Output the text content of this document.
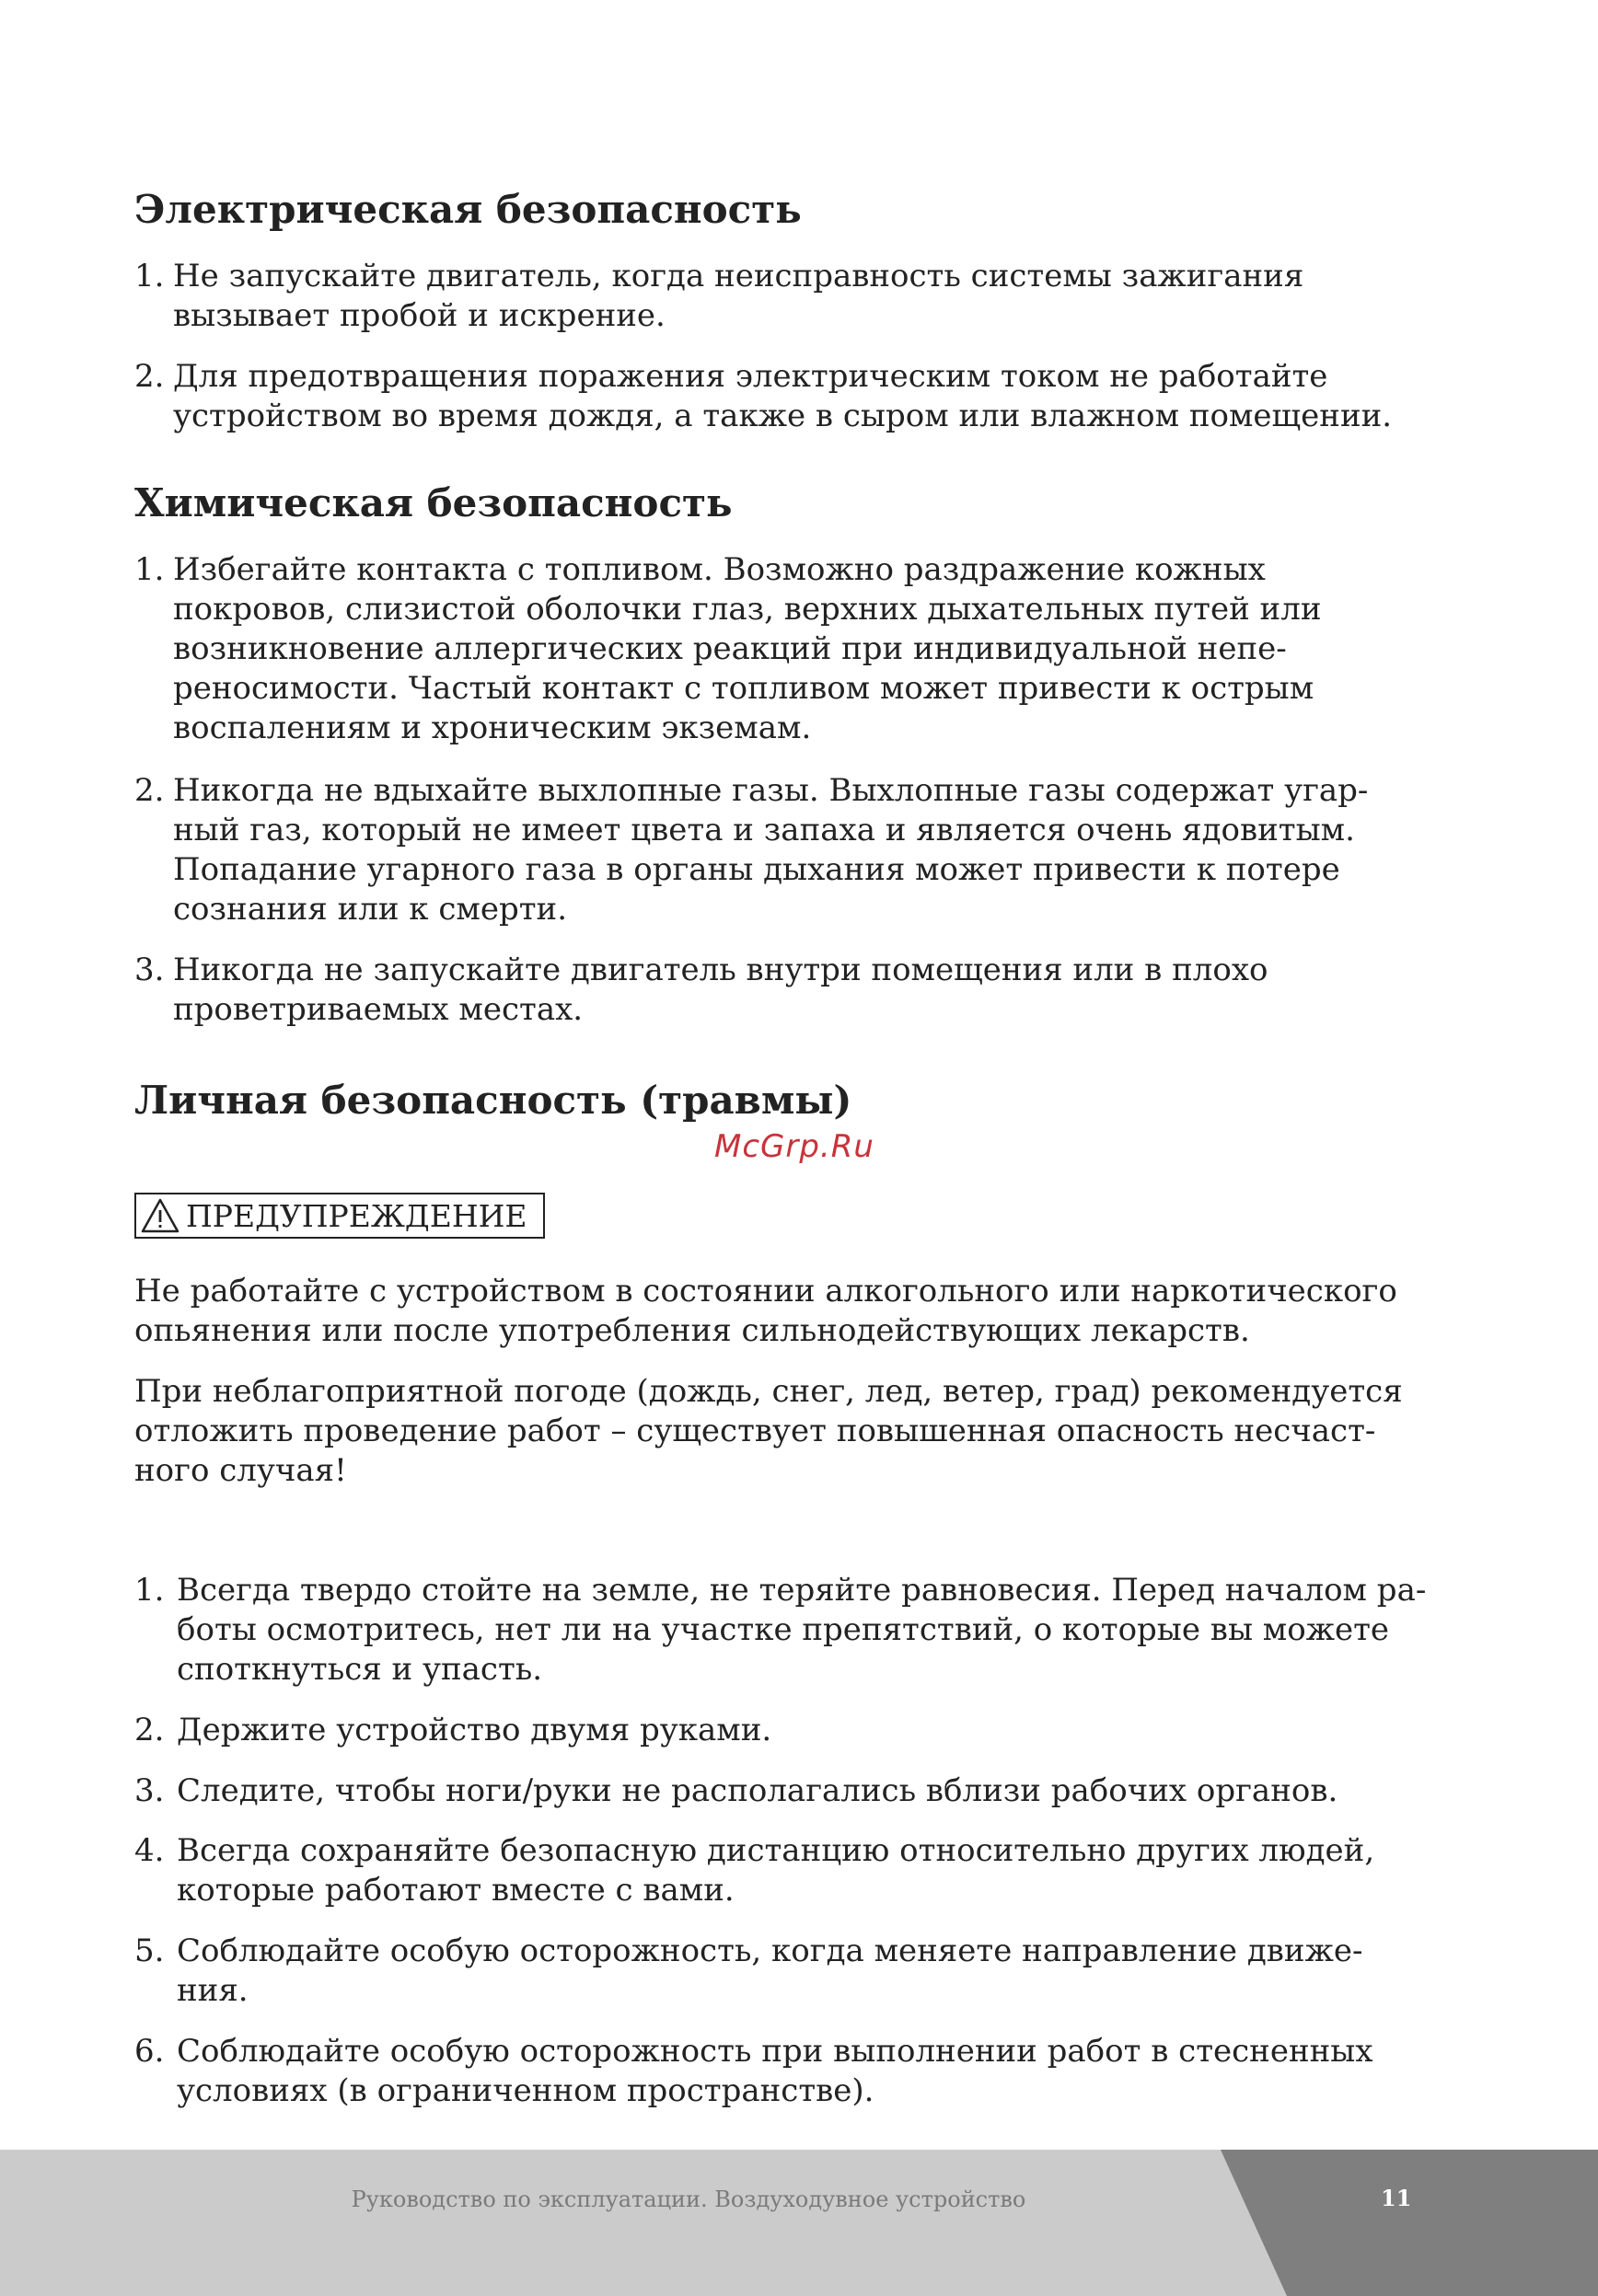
Электрическая безопасность
1. Не запускайте двигатель, когда неисправность системы зажигания
вызывает пробой и искрение.
2. Для предотвращения поражения электрическим током не работайте
устройством во время дождя, а также в сыром или влажном помещении.
Химическая безопасность
1. Избегайте контакта с топливом. Возможно раздражение кожных
покровов, слизистой оболочки глаз, верхних дыхательных путей или
возникновение аллергических реакций при индивидуальной непе-
реносимости. Частый контакт с топливом может привести к острым
воспалениям и хроническим экземам.
2. Никогда не вдыхайте выхлопные газы. Выхлопные газы содержат угар-
ный газ, который не имеет цвета и запаха и является очень ядовитым.
Попадание угарного газа в органы дыхания может привести к потере
сознания или к смерти.
3. Никогда не запускайте двигатель внутри помещения или в плохо
проветриваемых местах.
Личная безопасность (травмы)
ПРЕДУПРЕЖДЕНИЕ
Не работайте с устройством в состоянии алкогольного или наркотического
опьянения или после употребления сильнодействующих лекарств.
При неблагоприятной погоде (дождь, снег, лед, ветер, град) рекомендуется
отложить проведение работ – существует повышенная опасность несчаст-
ного случая!
1. Всегда твердо стойте на земле, не теряйте равновесия. Перед началом ра-
боты осмотритесь, нет ли на участке препятствий, о которые вы можете
споткнуться и упасть.
2. Держите устройство двумя руками.
3. Следите, чтобы ноги/руки не располагались вблизи рабочих органов.
4. Всегда сохраняйте безопасную дистанцию относительно других людей,
которые работают вместе с вами.
5. Соблюдайте особую осторожность, когда меняете направление движе-
ния.
6. Соблюдайте особую осторожность при выполнении работ в стесненных
условиях (в ограниченном пространстве).
McGrp.Ru
Руководство по эксплуатации. Воздуходувное устройство	11
